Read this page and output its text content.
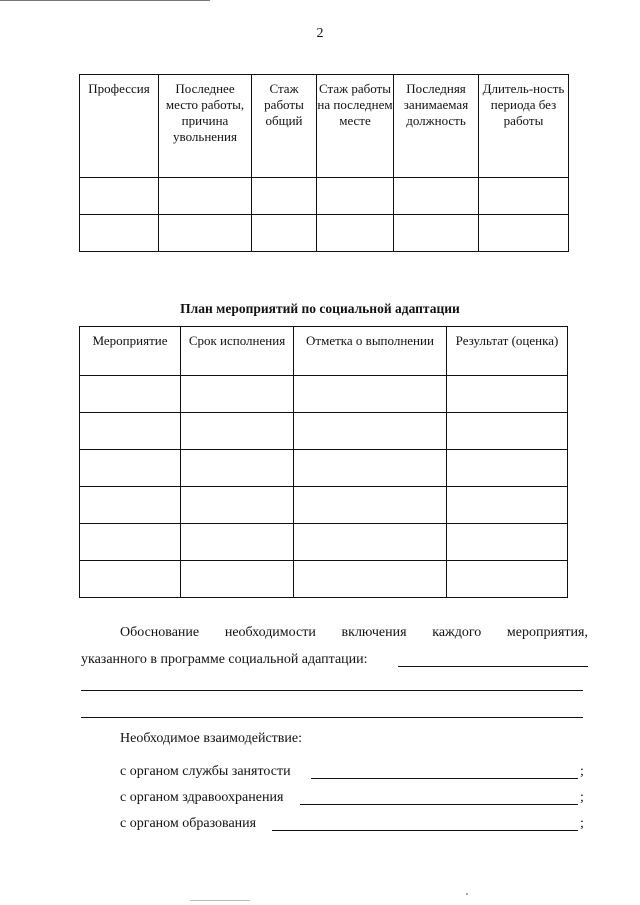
2
Профессия	Последнее место работы, причина увольнения	Стаж работы общий	Стаж работы на последнем месте	Последняя занимаемая должность	Длитель-ность периода без работы

План мероприятий по социальной адаптации
Мероприятие	Срок исполнения	Отметка о выполнении	Результат (оценка)

Обоснование необходимости включения каждого мероприятия,
указанного в программе социальной адаптации:
Необходимое взаимодействие:
с органом службы занятости	;
с органом здравоохранения	;
с органом образования	;
